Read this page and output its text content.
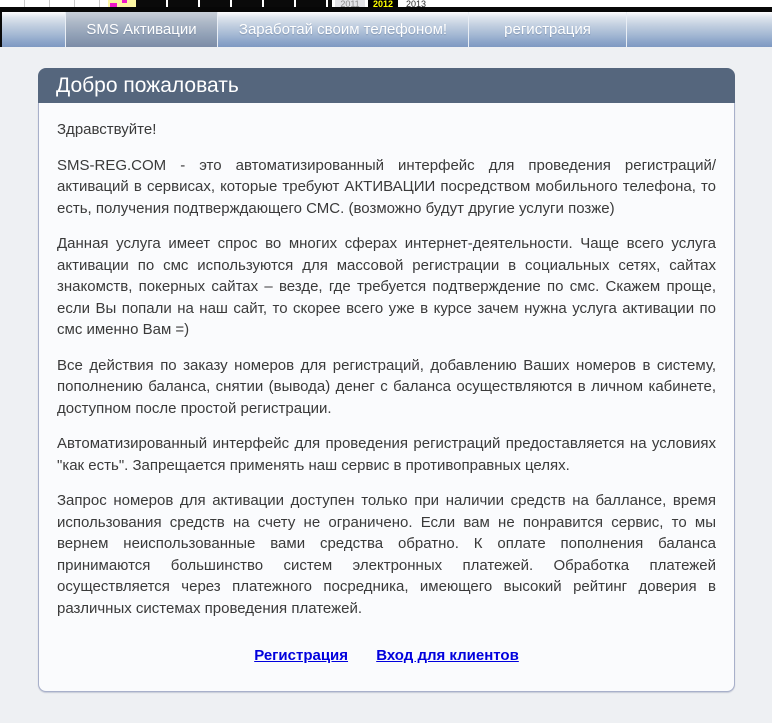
2011	2012	2013
SMS Активации	Заработай своим телефоном!	регистрация
Добро пожаловать

Здравствуйте!

SMS-REG.COM - это автоматизированный интерфейс для проведения регистраций/активаций в сервисах, которые требуют АКТИВАЦИИ посредством мобильного телефона, то есть, получения подтверждающего СМС. (возможно будут другие услуги позже)

Данная услуга имеет спрос во многих сферах интернет-деятельности. Чаще всего услуга активации по смс используются для массовой регистрации в социальных сетях, сайтах знакомств, покерных сайтах – везде, где требуется подтверждение по смс. Скажем проще, если Вы попали на наш сайт, то скорее всего уже в курсе зачем нужна услуга активации по смс именно Вам =)

Все действия по заказу номеров для регистраций, добавлению Ваших номеров в систему, пополнению баланса, снятии (вывода) денег с баланса осуществляются в личном кабинете, доступном после простой регистрации.

Автоматизированный интерфейс для проведения регистраций предоставляется на условиях "как есть". Запрещается применять наш сервис в противоправных целях.

Запрос номеров для активации доступен только при наличии средств на баллансе, время использования средств на счету не ограничено. Если вам не понравится сервис, то мы вернем неиспользованные вами средства обратно. К оплате пополнения баланса принимаются большинство систем электронных платежей. Обработка платежей осуществляется через платежного посредника, имеющего высокий рейтинг доверия в различных системах проведения платежей.

Регистрация Вход для клиентов
